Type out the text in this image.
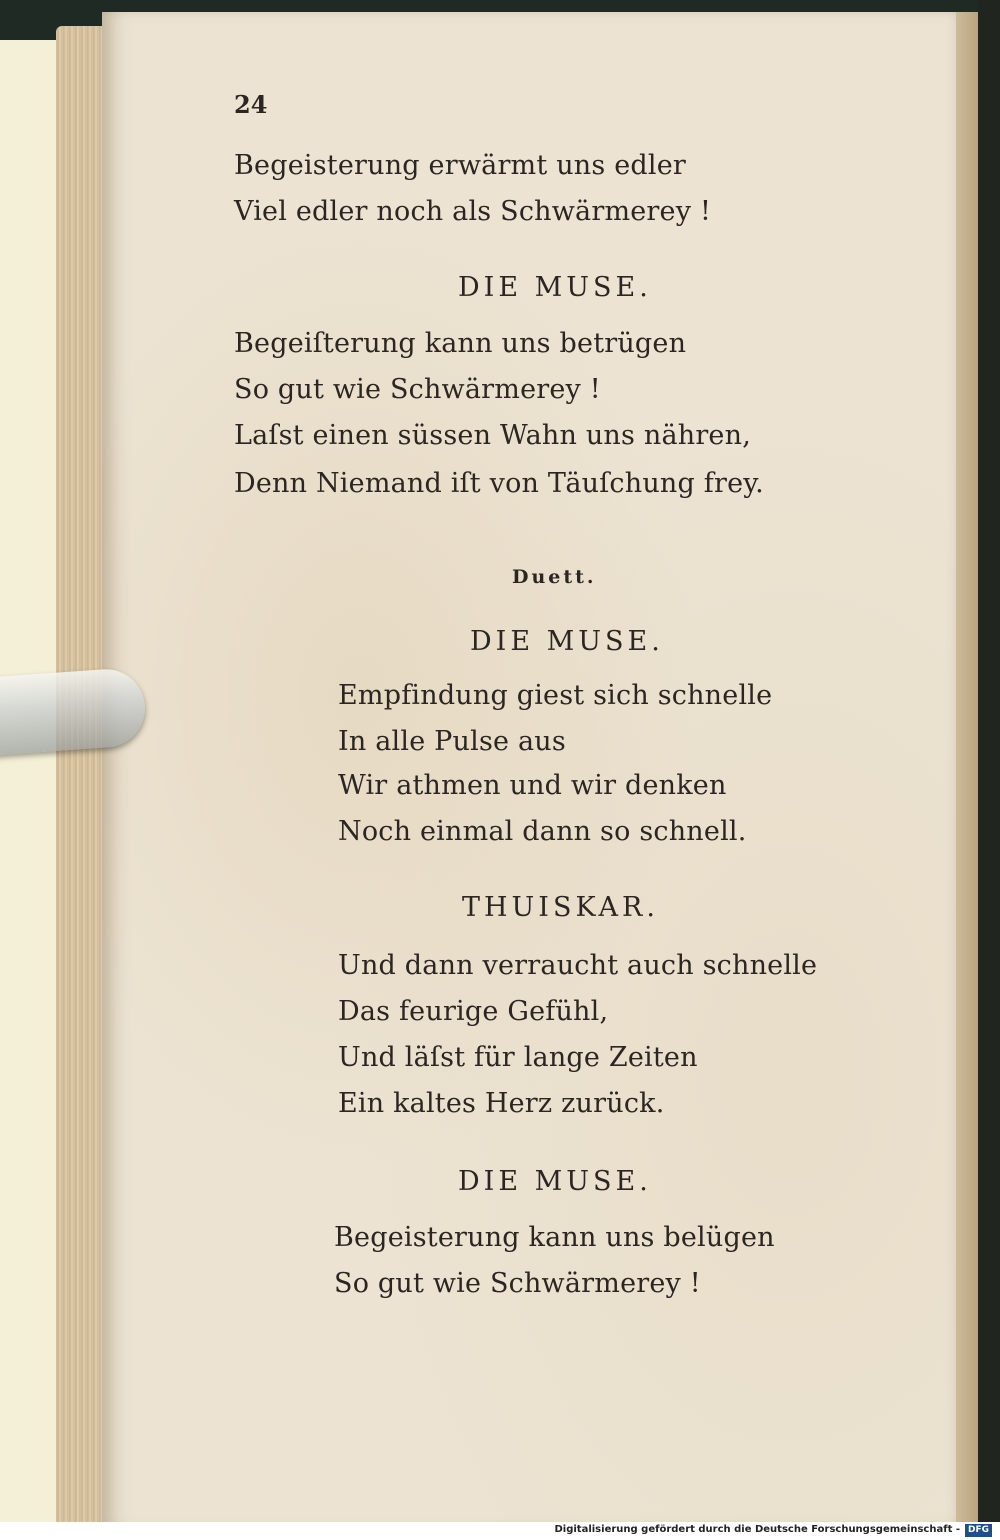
24
Begeisterung erwärmt uns edler
Viel edler noch als Schwärmerey !
DIE MUSE.
Begeiſterung kann uns betrügen
So gut wie Schwärmerey !
Laſst einen süssen Wahn uns nähren,
Denn Niemand iſt von Täuſchung frey.
Duett.
DIE MUSE.
Empfindung giest sich schnelle
In alle Pulse aus
Wir athmen und wir denken
Noch einmal dann so schnell.
THUISKAR.
Und dann verraucht auch schnelle
Das feurige Gefühl,
Und läſst für lange Zeiten
Ein kaltes Herz zurück.
DIE MUSE.
Begeisterung kann uns belügen
So gut wie Schwärmerey !
Digitalisierung gefördert durch die Deutsche Forschungsgemeinschaft - DFG
